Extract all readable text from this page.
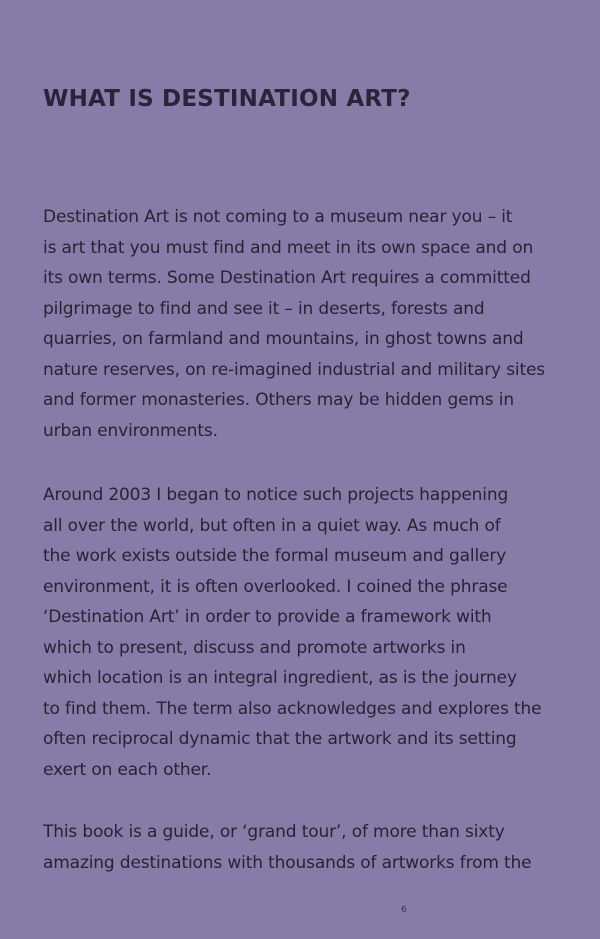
WHAT IS DESTINATION ART?

Destination Art is not coming to a museum near you – it
is art that you must find and meet in its own space and on
its own terms. Some Destination Art requires a committed
pilgrimage to find and see it – in deserts, forests and
quarries, on farmland and mountains, in ghost towns and
nature reserves, on re-imagined industrial and military sites
and former monasteries. Others may be hidden gems in
urban environments.

Around 2003 I began to notice such projects happening
all over the world, but often in a quiet way. As much of
the work exists outside the formal museum and gallery
environment, it is often overlooked. I coined the phrase
‘Destination Art’ in order to provide a framework with
which to present, discuss and promote artworks in
which location is an integral ingredient, as is the journey
to find them. The term also acknowledges and explores the
often reciprocal dynamic that the artwork and its setting
exert on each other.

This book is a guide, or ‘grand tour’, of more than sixty
amazing destinations with thousands of artworks from the

6
